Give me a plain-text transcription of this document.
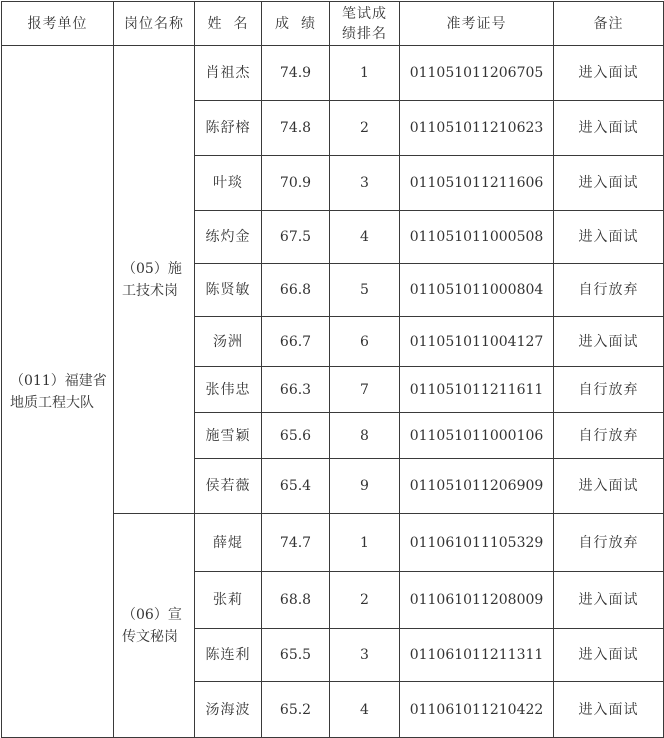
报考单位	岗位名称	姓  名	成  绩	笔试成绩排名	准考证号	备注
（011）福建省地质工程大队	（05）施工技术岗	肖祖杰	74.9	1	011051011206705	进入面试
		陈舒榕	74.8	2	011051011210623	进入面试
		叶琰	70.9	3	011051011211606	进入面试
		练灼金	67.5	4	011051011000508	进入面试
		陈贤敏	66.8	5	011051011000804	自行放弃
		汤洲	66.7	6	011051011004127	进入面试
		张伟忠	66.3	7	011051011211611	自行放弃
		施雪颖	65.6	8	011051011000106	自行放弃
		侯若薇	65.4	9	011051011206909	进入面试
	（06）宣传文秘岗	薛焜	74.7	1	011061011105329	自行放弃
		张莉	68.8	2	011061011208009	进入面试
		陈连利	65.5	3	011061011211311	进入面试
		汤海波	65.2	4	011061011210422	进入面试
